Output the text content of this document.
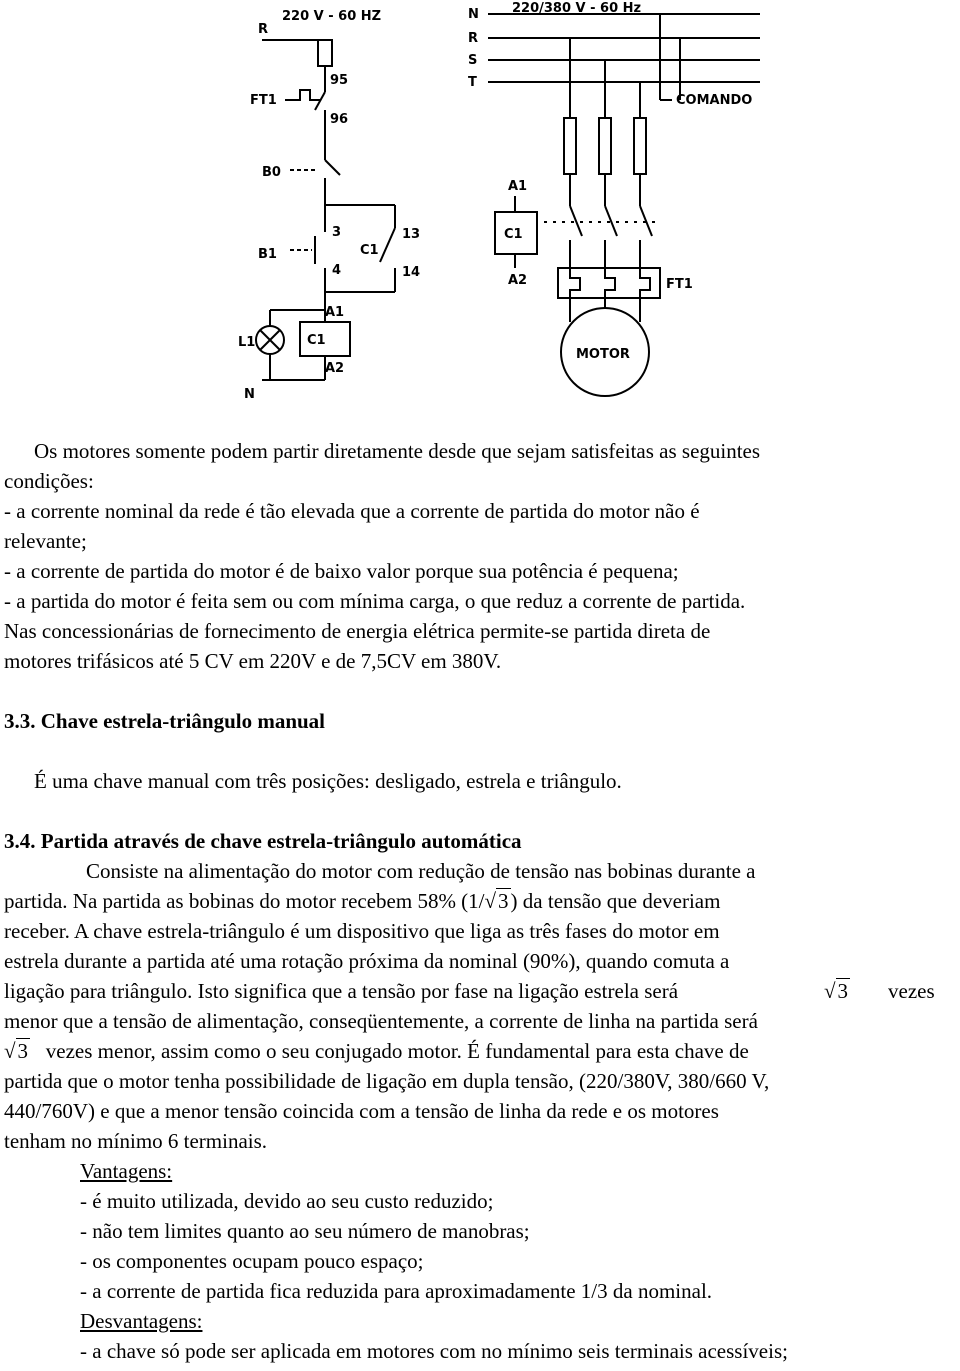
220 V - 60 HZ
R
95
FT1
96
B0
3
B1	C1
13
4	14
A1
L1	C1
A2
N
220/380 V - 60 Hz
N
R
S
T
COMANDO
A1
C1
A2	FT1
MOTOR
Os motores somente podem partir diretamente desde que sejam satisfeitas as seguintes
condições:
- a corrente nominal da rede é tão elevada que a corrente de partida do motor não é
relevante;
- a corrente de partida do motor é de baixo valor porque sua potência é pequena;
- a partida do motor é feita sem ou com mínima carga, o que reduz a corrente de partida.
Nas concessionárias de fornecimento de energia elétrica permite-se partida direta de
motores trifásicos até 5 CV em 220V e de 7,5CV em 380V.
3.3. Chave estrela-triângulo manual
É uma chave manual com três posições: desligado, estrela e triângulo.
3.4. Partida através de chave estrela-triângulo automática
Consiste na alimentação do motor com redução de tensão nas bobinas durante a
partida. Na partida as bobinas do motor recebem 58% (1/√3) da tensão que deveriam
receber. A chave estrela-triângulo é um dispositivo que liga as três fases do motor em
estrela durante a partida até uma rotação próxima da nominal (90%), quando comuta a
ligação para triângulo. Isto significa que a tensão por fase na ligação estrela será	√3 vezes
menor que a tensão de alimentação, conseqüentemente, a corrente de linha na partida será
√3 vezes menor, assim como o seu conjugado motor. É fundamental para esta chave de
partida que o motor tenha possibilidade de ligação em dupla tensão, (220/380V, 380/660 V,
440/760V) e que a menor tensão coincida com a tensão de linha da rede e os motores
tenham no mínimo 6 terminais.
Vantagens:
- é muito utilizada, devido ao seu custo reduzido;
- não tem limites quanto ao seu número de manobras;
- os componentes ocupam pouco espaço;
- a corrente de partida fica reduzida para aproximadamente 1/3 da nominal.
Desvantagens:
- a chave só pode ser aplicada em motores com no mínimo seis terminais acessíveis;
